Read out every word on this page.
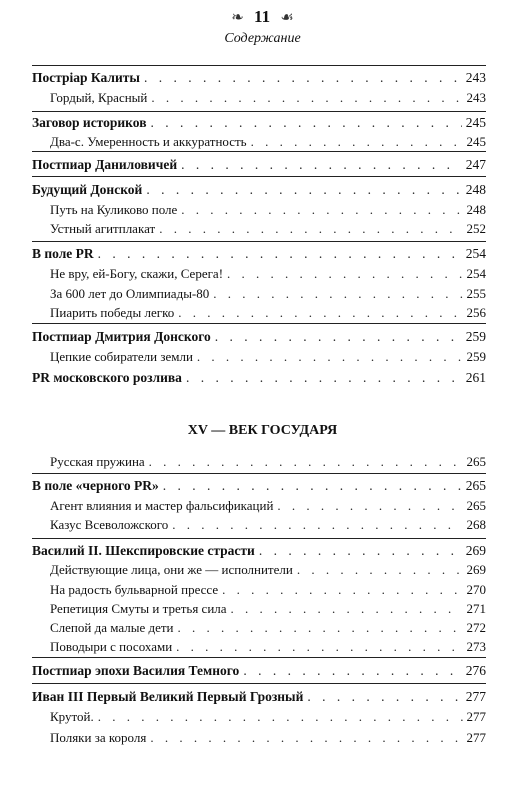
❧ 11 ☙
Содержание
Пострiар Калиты . . .	243
Гордый, Красный . . .	243
Заговор историков . . .	245
Два-с. Умеренность и аккуратность . . .	245
Постпиар Даниловичей . . .	247
Будущий Донской . . .	248
Путь на Куликово поле . . .	248
Устный агитплакат . . .	252
В поле PR . . .	254
Не вру, ей-Богу, скажи, Серега! . . .	254
За 600 лет до Олимпиады-80 . . .	255
Пиарить победы легко . . .	256
Постпиар Дмитрия Донского . . .	259
Цепкие собиратели земли . . .	259
PR московского розлива . . .	261
XV — ВЕК ГОСУДАРЯ
Русская пружина . . .	265
В поле «черного PR» . . .	265
Агент влияния и мастер фальсификаций . . .	265
Казус Всеволожского . . .	268
Василий II. Шекспировские страсти . . .	269
Действующие лица, они же — исполнители . . .	269
На радость бульварной прессе . . .	270
Репетиция Смуты и третья сила . . .	271
Слепой да малые дети . . .	272
Поводыри с посохами . . .	273
Постпиар эпохи Василия Темного . . .	276
Иван III Первый Великий Первый Грозный . . .	277
Крутой. . . .	277
Поляки за короля . . .	277
